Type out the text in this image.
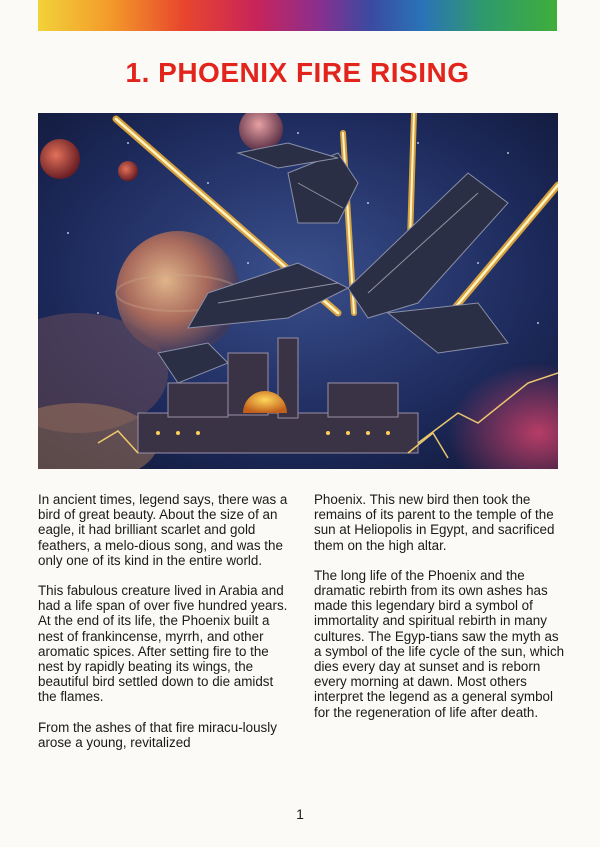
1. PHOENIX FIRE RISING

In ancient times, legend says, there was a bird of great beauty. About the size of an eagle, it had brilliant scarlet and gold feathers, a melo-dious song, and was the only one of its kind in the entire world.

This fabulous creature lived in Arabia and had a life span of over five hundred years. At the end of its life, the Phoenix built a nest of frankincense, myrrh, and other aromatic spices. After setting fire to the nest by rapidly beating its wings, the beautiful bird settled down to die amidst the flames.

From the ashes of that fire miracu-lously arose a young, revitalized

Phoenix. This new bird then took the remains of its parent to the temple of the sun at Heliopolis in Egypt, and sacrificed them on the high altar.

The long life of the Phoenix and the dramatic rebirth from its own ashes has made this legendary bird a symbol of immortality and spiritual rebirth in many cultures. The Egyp-tians saw the myth as a symbol of the life cycle of the sun, which dies every day at sunset and is reborn every morning at dawn. Most others interpret the legend as a general symbol for the regeneration of life after death.

1
